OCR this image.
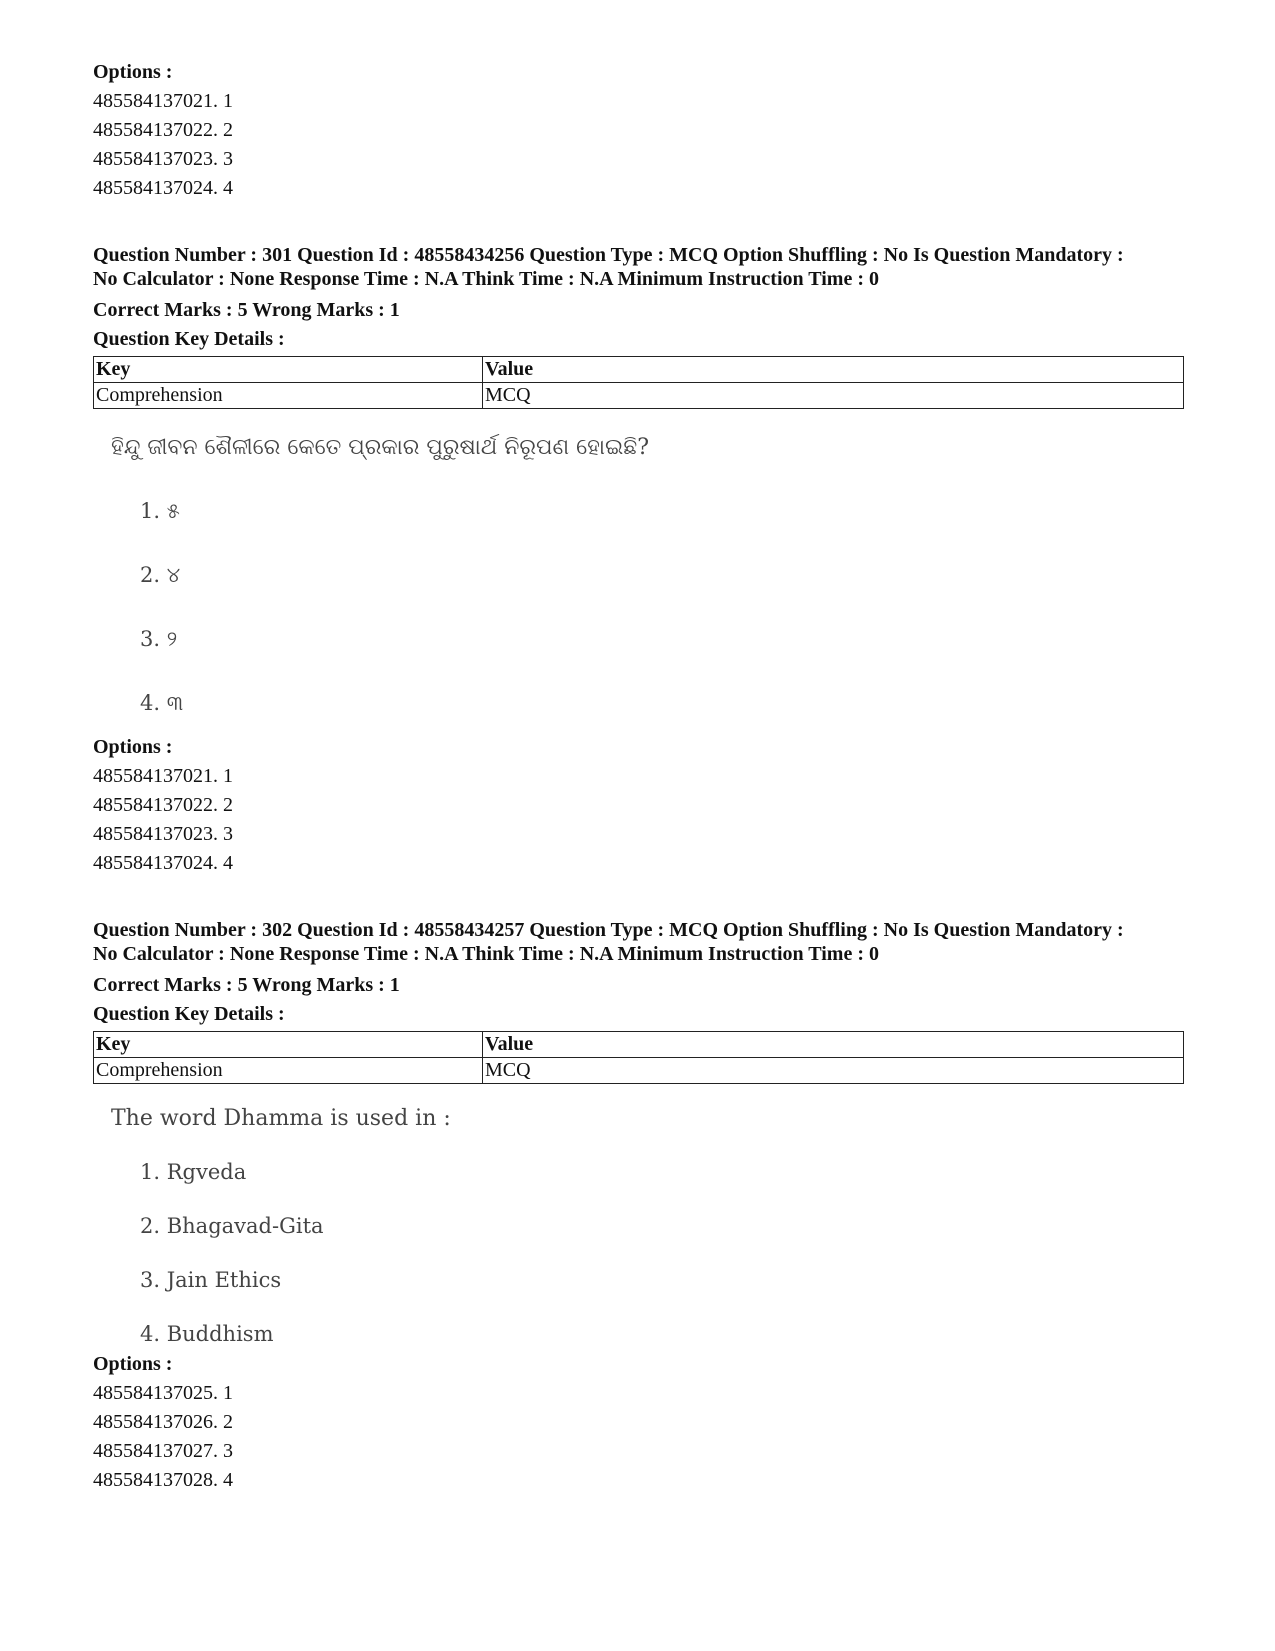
Options :
485584137021. 1
485584137022. 2
485584137023. 3
485584137024. 4
Question Number : 301 Question Id : 48558434256 Question Type : MCQ Option Shuffling : No Is Question Mandatory :
No Calculator : None Response Time : N.A Think Time : N.A Minimum Instruction Time : 0
Correct Marks : 5 Wrong Marks : 1
Question Key Details :
Key	Value
Comprehension	MCQ
ହିନ୍ଦୁ ଜୀବନ ଶୈଳୀରେ କେତେ ପ୍ରକାର ପୁରୁଷାର୍ଥ ନିରୂପଣ ହୋଇଛି?
1. ୫
2. ୪
3. ୨
4. ୩
Options :
485584137021. 1
485584137022. 2
485584137023. 3
485584137024. 4
Question Number : 302 Question Id : 48558434257 Question Type : MCQ Option Shuffling : No Is Question Mandatory :
No Calculator : None Response Time : N.A Think Time : N.A Minimum Instruction Time : 0
Correct Marks : 5 Wrong Marks : 1
Question Key Details :
Key	Value
Comprehension	MCQ
The word Dhamma is used in :
1. Rgveda
2. Bhagavad-Gita
3. Jain Ethics
4. Buddhism
Options :
485584137025. 1
485584137026. 2
485584137027. 3
485584137028. 4
